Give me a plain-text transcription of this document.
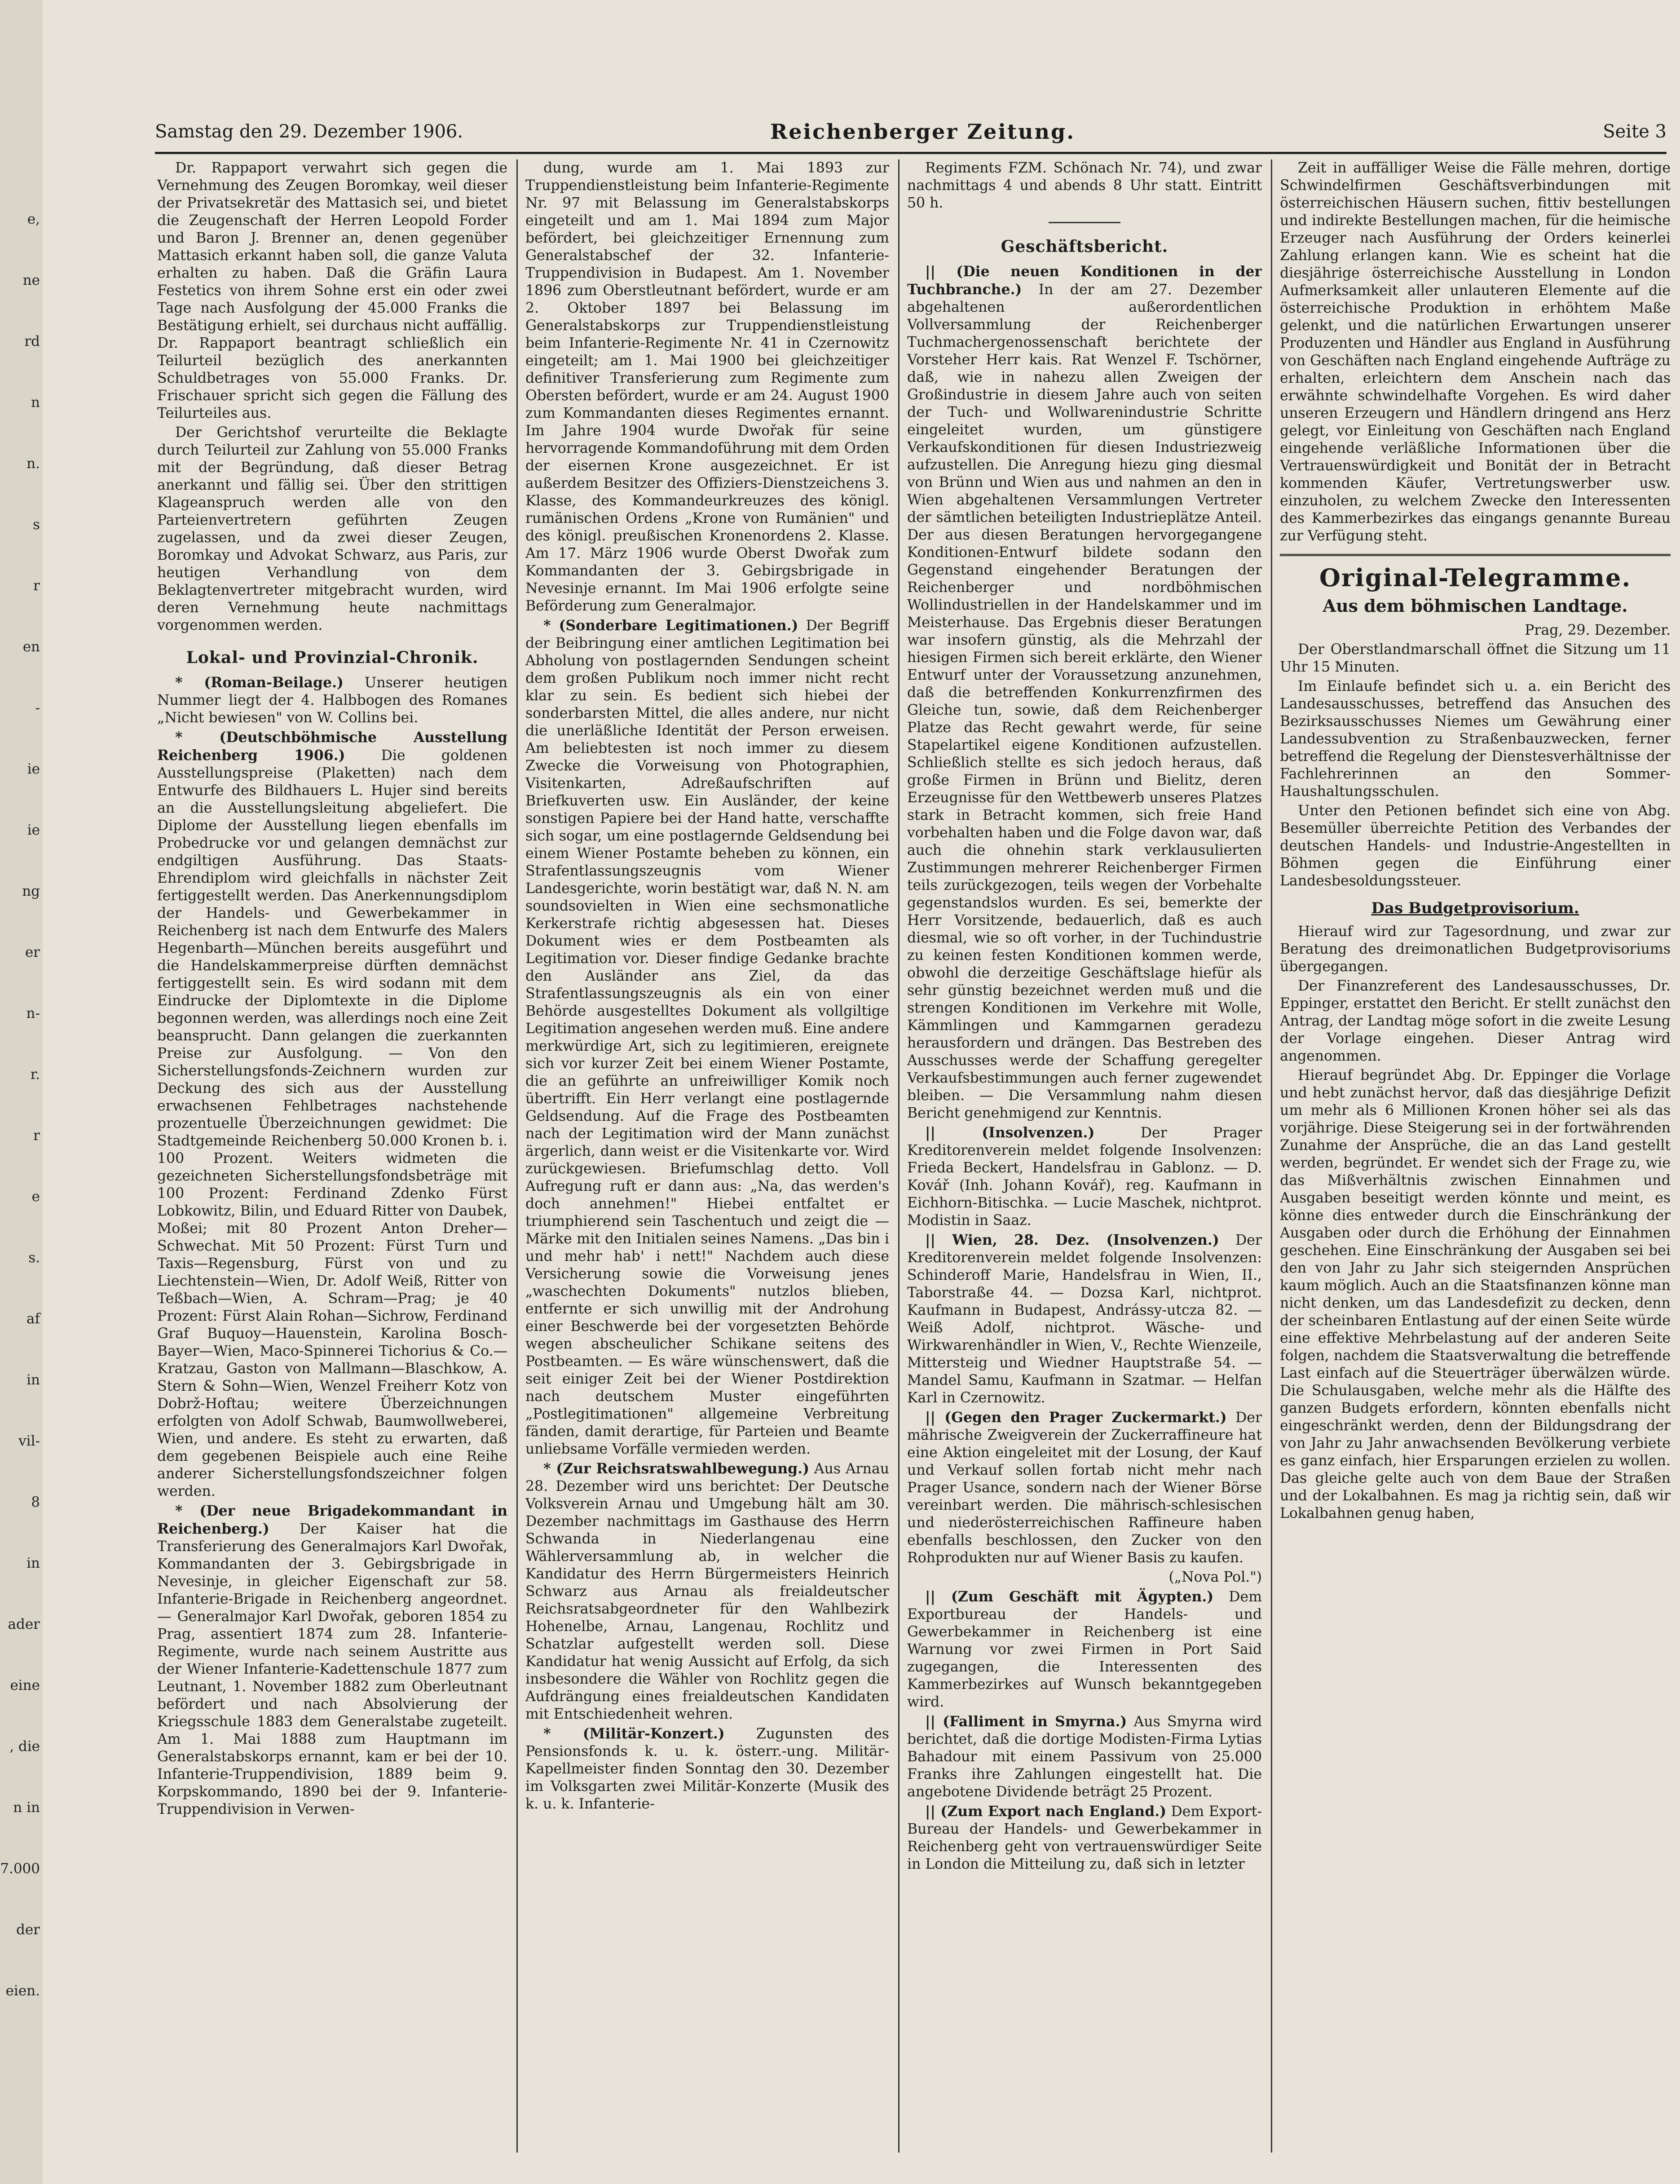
e,
ne
rd
n
n.
s
r
en
-
ie
ie
ng
er
n-
r.
r
e
s.
af
in
vil-
8
in
ader
eine
, die
n in
7.000
der
eien.
Samstag den 29. Dezember 1906.	Reichenberger Zeitung.	Seite 3

Dr. Rappaport verwahrt sich gegen die Vernehmung des Zeugen Boromkay, weil dieser der Privatsekretär des Mattasich sei, und bietet die Zeugenschaft der Herren Leopold Forder und Baron J. Brenner an, denen gegenüber Mattasich erkannt haben soll, die ganze Valuta erhalten zu haben. Daß die Gräfin Laura Festetics von ihrem Sohne erst ein oder zwei Tage nach Ausfolgung der 45.000 Franks die Bestätigung erhielt, sei durchaus nicht auffällig. Dr. Rappaport beantragt schließlich ein Teilurteil bezüglich des anerkannten Schuldbetrages von 55.000 Franks. Dr. Frischauer spricht sich gegen die Fällung des Teilurteiles aus.

Der Gerichtshof verurteilte die Beklagte durch Teilurteil zur Zahlung von 55.000 Franks mit der Begründung, daß dieser Betrag anerkannt und fällig sei. Über den strittigen Klageanspruch werden alle von den Parteienvertretern geführten Zeugen zugelassen, und da zwei dieser Zeugen, Boromkay und Advokat Schwarz, aus Paris, zur heutigen Verhandlung von dem Beklagtenvertreter mitgebracht wurden, wird deren Vernehmung heute nachmittags vorgenommen werden.

Lokal- und Provinzial-Chronik.

* (Roman-Beilage.) Unserer heutigen Nummer liegt der 4. Halbbogen des Romanes „Nicht bewiesen" von W. Collins bei.

* (Deutschböhmische Ausstellung Reichenberg 1906.)	Die goldenen Ausstellungspreise (Plaketten) nach dem Entwurfe des Bildhauers L. Hujer sind bereits an die Ausstellungsleitung abgeliefert. Die Diplome der Ausstellung liegen ebenfalls im Probedrucke vor und gelangen demnächst zur endgiltigen Ausführung. Das Staats-Ehrendiplom wird gleichfalls in nächster Zeit fertiggestellt werden. Das Anerkennungsdiplom der Handels- und Gewerbekammer in Reichenberg ist nach dem Entwurfe des Malers Hegenbarth—München bereits ausgeführt und die Handelskammerpreise dürften demnächst fertiggestellt sein. Es wird sodann mit dem Eindrucke der Diplomtexte in die Diplome begonnen werden, was allerdings noch eine Zeit beansprucht. Dann gelangen die zuerkannten Preise zur Ausfolgung. — Von den Sicherstellungsfonds-Zeichnern wurden zur Deckung des sich aus der Ausstellung erwachsenen Fehlbetrages nachstehende prozentuelle Überzeichnungen gewidmet: Die Stadtgemeinde Reichenberg 50.000 Kronen b. i. 100 Prozent. Weiters widmeten die gezeichneten Sicherstellungsfondsbeträge mit 100 Prozent: Ferdinand Zdenko Fürst Lobkowitz, Bilin, und Eduard Ritter von Daubek, Moßei; mit 80 Prozent Anton Dreher—Schwechat. Mit 50 Prozent: Fürst Turn und Taxis—Regensburg, Fürst von und zu Liechtenstein—Wien, Dr. Adolf Weiß, Ritter von Teßbach—Wien, A. Schram—Prag; je 40 Prozent: Fürst Alain Rohan—Sichrow, Ferdinand Graf Buquoy—Hauenstein, Karolina Bosch-Bayer—Wien, Maco-Spinnerei Tichorius & Co.—Kratzau, Gaston von Mallmann—Blaschkow, A. Stern & Sohn—Wien, Wenzel Freiherr Kotz von Dobrž-Hoftau; weitere Überzeichnungen erfolgten von Adolf Schwab, Baumwollweberei, Wien, und andere. Es steht zu erwarten, daß dem gegebenen Beispiele auch eine Reihe anderer Sicherstellungsfondszeichner folgen werden.

* (Der neue Brigadekommandant in Reichenberg.) Der Kaiser hat die Transferierung des Generalmajors Karl Dwořak, Kommandanten der 3. Gebirgsbrigade in Nevesinje, in gleicher Eigenschaft zur 58. Infanterie-Brigade in Reichenberg angeordnet. — Generalmajor Karl Dwořak, geboren 1854 zu Prag, assentiert 1874 zum 28. Infanterie-Regimente, wurde nach seinem Austritte aus der Wiener Infanterie-Kadettenschule 1877 zum Leutnant, 1. November 1882 zum Oberleutnant befördert und nach Absolvierung der Kriegsschule 1883 dem Generalstabe zugeteilt. Am 1. Mai 1888 zum Hauptmann im Generalstabskorps ernannt, kam er bei der 10. Infanterie-Truppendivision, 1889 beim 9. Korpskommando, 1890 bei der 9. Infanterie-Truppendivision in Verwen-

dung, wurde am 1. Mai 1893 zur Truppendienstleistung beim Infanterie-Regimente Nr. 97 mit Belassung im Generalstabskorps eingeteilt und am 1. Mai 1894 zum Major befördert, bei gleichzeitiger Ernennung zum Generalstabschef der 32. Infanterie-Truppendivision in Budapest. Am 1. November 1896 zum Oberstleutnant befördert, wurde er am 2. Oktober 1897 bei Belassung im Generalstabskorps zur Truppendienstleistung beim Infanterie-Regimente Nr. 41 in Czernowitz eingeteilt; am 1. Mai 1900 bei gleichzeitiger definitiver Transferierung zum Regimente zum Obersten befördert, wurde er am 24. August 1900 zum Kommandanten dieses Regimentes ernannt. Im Jahre 1904 wurde Dwořak für seine hervorragende Kommandoführung mit dem Orden der eisernen Krone ausgezeichnet. Er ist außerdem Besitzer des Offiziers-Dienstzeichens 3. Klasse, des Kommandeurkreuzes des königl. rumänischen Ordens „Krone von Rumänien" und des königl. preußischen Kronenordens 2. Klasse. Am 17. März 1906 wurde Oberst Dwořak zum Kommandanten der 3. Gebirgsbrigade in Nevesinje ernannt. Im Mai 1906 erfolgte seine Beförderung zum Generalmajor.

* (Sonderbare Legitimationen.) Der Begriff der Beibringung einer amtlichen Legitimation bei Abholung von postlagernden Sendungen scheint dem großen Publikum noch immer nicht recht klar zu sein. Es bedient sich hiebei der sonderbarsten Mittel, die alles andere, nur nicht die unerläßliche Identität der Person erweisen. Am beliebtesten ist noch immer zu diesem Zwecke die Vorweisung von Photographien, Visitenkarten, Adreßaufschriften auf Briefkuverten usw. Ein Ausländer, der keine sonstigen Papiere bei der Hand hatte, verschaffte sich sogar, um eine postlagernde Geldsendung bei einem Wiener Postamte beheben zu können, ein Strafentlassungszeugnis vom Wiener Landesgerichte, worin bestätigt war, daß N. N. am soundsovielten in Wien eine sechsmonatliche Kerkerstrafe richtig abgesessen hat. Dieses Dokument wies er dem Postbeamten als Legitimation vor. Dieser findige Gedanke brachte den Ausländer ans Ziel, da das Strafentlassungszeugnis als ein von einer Behörde ausgestelltes Dokument als vollgiltige Legitimation angesehen werden muß. Eine andere merkwürdige Art, sich zu legitimieren, ereignete sich vor kurzer Zeit bei einem Wiener Postamte, die an geführte an unfreiwilliger Komik noch übertrifft. Ein Herr verlangt eine postlagernde Geldsendung. Auf die Frage des Postbeamten nach der Legitimation wird der Mann zunächst ärgerlich, dann weist er die Visitenkarte vor. Wird zurückgewiesen. Briefumschlag detto. Voll Aufregung ruft er dann aus: „Na, das werden's doch annehmen!" Hiebei entfaltet er triumphierend sein Taschentuch und zeigt die — Märke mit den Initialen seines Namens. „Das bin i und mehr hab' i nett!" Nachdem auch diese Versicherung sowie die Vorweisung jenes „waschechten Dokuments" nutzlos blieben, entfernte er sich unwillig mit der Androhung einer Beschwerde bei der vorgesetzten Behörde wegen abscheulicher Schikane seitens des Postbeamten. — Es wäre wünschenswert, daß die seit einiger Zeit bei der Wiener Postdirektion nach deutschem Muster eingeführten „Postlegitimationen" allgemeine Verbreitung fänden, damit derartige, für Parteien und Beamte unliebsame Vorfälle vermieden werden.

* (Zur Reichsratswahlbewegung.) Aus Arnau 28. Dezember wird uns berichtet: Der Deutsche Volksverein Arnau und Umgebung hält am 30. Dezember nachmittags im Gasthause des Herrn Schwanda in Niederlangenau eine Wählerversammlung ab, in welcher die Kandidatur des Herrn Bürgermeisters Heinrich Schwarz aus Arnau als freialdeutscher Reichsratsabgeordneter für den Wahlbezirk Hohenelbe, Arnau, Langenau, Rochlitz und Schatzlar aufgestellt werden soll. Diese Kandidatur hat wenig Aussicht auf Erfolg, da sich insbesondere die Wähler von Rochlitz gegen die Aufdrängung eines freialdeutschen Kandidaten mit Entschiedenheit wehren.

* (Militär-Konzert.) Zugunsten des Pensionsfonds k. u. k. österr.-ung. Militär-Kapellmeister finden Sonntag den 30. Dezember im Volksgarten zwei Militär-Konzerte (Musik des k. u. k. Infanterie-

Regiments FZM. Schönach Nr. 74), und zwar nachmittags 4 und abends 8 Uhr statt. Eintritt 50 h.

Geschäftsbericht.

|| (Die neuen Konditionen in der Tuchbranche.) In der am 27. Dezember abgehaltenen außerordentlichen Vollversammlung der Reichenberger Tuchmachergenossenschaft berichtete der Vorsteher Herr kais. Rat Wenzel F. Tschörner, daß, wie in nahezu allen Zweigen der Großindustrie in diesem Jahre auch von seiten der Tuch- und Wollwarenindustrie Schritte eingeleitet wurden, um günstigere Verkaufskonditionen für diesen Industriezweig aufzustellen. Die Anregung hiezu ging diesmal von Brünn und Wien aus und nahmen an den in Wien abgehaltenen Versammlungen Vertreter der sämtlichen beteiligten Industrieplätze Anteil. Der aus diesen Beratungen hervorgegangene Konditionen-Entwurf bildete sodann den Gegenstand eingehender Beratungen der Reichenberger und nordböhmischen Wollindustriellen in der Handelskammer und im Meisterhause. Das Ergebnis dieser Beratungen war insofern günstig, als die Mehrzahl der hiesigen Firmen sich bereit erklärte, den Wiener Entwurf unter der Voraussetzung anzunehmen, daß die betreffenden Konkurrenzfirmen des Gleiche tun, sowie, daß dem Reichenberger Platze das Recht gewahrt werde, für seine Stapelartikel eigene Konditionen aufzustellen. Schließlich stellte es sich jedoch heraus, daß große Firmen in Brünn und Bielitz, deren Erzeugnisse für den Wettbewerb unseres Platzes stark in Betracht kommen, sich freie Hand vorbehalten haben und die Folge davon war, daß auch die ohnehin stark verklausulierten Zustimmungen mehrerer Reichenberger Firmen teils zurückgezogen, teils wegen der Vorbehalte gegenstandslos wurden. Es sei, bemerkte der Herr Vorsitzende, bedauerlich, daß es auch diesmal, wie so oft vorher, in der Tuchindustrie zu keinen festen Konditionen kommen werde, obwohl die derzeitige Geschäftslage hiefür als sehr günstig bezeichnet werden muß und die strengen Konditionen im Verkehre mit Wolle, Kämmlingen und Kammgarnen geradezu herausfordern und drängen. Das Bestreben des Ausschusses werde der Schaffung geregelter Verkaufsbestimmungen auch ferner zugewendet bleiben. — Die Versammlung nahm diesen Bericht genehmigend zur Kenntnis.

|| (Insolvenzen.)	Der Prager Kreditorenverein meldet folgende Insolvenzen: Frieda Beckert, Handelsfrau in Gablonz. — D. Kovář (Inh. Johann Kovář), reg. Kaufmann in Eichhorn-Bitischka. — Lucie Maschek, nichtprot. Modistin in Saaz.

|| Wien, 28. Dez. (Insolvenzen.) Der Kreditorenverein meldet folgende Insolvenzen: Schinderoff Marie, Handelsfrau in Wien, II., Taborstraße 44. — Dozsa Karl, nichtprot. Kaufmann in Budapest, Andrássy-utcza 82. — Weiß Adolf, nichtprot. Wäsche- und Wirkwarenhändler in Wien, V., Rechte Wienzeile, Mittersteig und Wiedner Hauptstraße 54. — Mandel Samu, Kaufmann in Szatmar. — Helfan Karl in Czernowitz.

|| (Gegen den Prager Zuckermarkt.) Der mährische Zweigverein der Zuckerraffineure hat eine Aktion eingeleitet mit der Losung, der Kauf und Verkauf sollen fortab nicht mehr nach Prager Usance, sondern nach der Wiener Börse vereinbart werden. Die mährisch-schlesischen und niederösterreichischen Raffineure haben ebenfalls beschlossen, den Zucker von den Rohprodukten nur auf Wiener Basis zu kaufen.

(„Nova Pol.")

|| (Zum Geschäft mit Ägypten.) Dem Exportbureau der Handels- und Gewerbekammer in Reichenberg ist eine Warnung vor zwei Firmen in Port Said zugegangen, die Interessenten des Kammerbezirkes auf Wunsch bekanntgegeben wird.

|| (Falliment in Smyrna.) Aus Smyrna wird berichtet, daß die dortige Modisten-Firma Lytias Bahadour mit einem Passivum von 25.000 Franks ihre Zahlungen eingestellt hat. Die angebotene Dividende beträgt 25 Prozent.

|| (Zum Export nach England.) Dem Export-Bureau der Handels- und Gewerbekammer in Reichenberg geht von vertrauenswürdiger Seite in London die Mitteilung zu, daß sich in letzter

Zeit in auffälliger Weise die Fälle mehren, dortige Schwindelfirmen Geschäftsverbindungen mit österreichischen Häusern suchen, fittiv bestellungen und indirekte Bestellungen machen, für die heimische Erzeuger nach Ausführung der Orders keinerlei Zahlung erlangen kann. Wie es scheint hat die diesjährige österreichische Ausstellung in London Aufmerksamkeit aller unlauteren Elemente auf die österreichische Produktion in erhöhtem Maße gelenkt, und die natürlichen Erwartungen unserer Produzenten und Händler aus England in Ausführung von Geschäften nach England eingehende Aufträge zu erhalten, erleichtern dem Anschein nach das erwähnte schwindelhafte Vorgehen. Es wird daher unseren Erzeugern und Händlern dringend ans Herz gelegt, vor Einleitung von Geschäften nach England eingehende verläßliche Informationen über die Vertrauenswürdigkeit und Bonität der in Betracht kommenden Käufer, Vertretungswerber usw. einzuholen, zu welchem Zwecke den Interessenten des Kammerbezirkes das eingangs genannte Bureau zur Verfügung steht.

Original-Telegramme.
Aus dem böhmischen Landtage.

Prag, 29. Dezember.

Der Oberstlandmarschall öffnet die Sitzung um 11 Uhr 15 Minuten.

Im Einlaufe befindet sich u. a. ein Bericht des Landesausschusses, betreffend das Ansuchen des Bezirksausschusses Niemes um Gewährung einer Landessubvention zu Straßenbauzwecken, ferner betreffend die Regelung der Dienstesverhältnisse der Fachlehrerinnen an den Sommer-Haushaltungsschulen.

Unter den Petionen befindet sich eine von Abg. Besemüller überreichte Petition des Verbandes der deutschen Handels- und Industrie-Angestellten in Böhmen gegen die Einführung einer Landesbesoldungssteuer.

Das Budgetprovisorium.

Hierauf wird zur Tagesordnung, und zwar zur Beratung des dreimonatlichen Budgetprovisoriums übergegangen.

Der Finanzreferent des Landesausschusses, Dr. Eppinger, erstattet den Bericht. Er stellt zunächst den Antrag, der Landtag möge sofort in die zweite Lesung der Vorlage eingehen. Dieser Antrag wird angenommen.

Hierauf begründet Abg. Dr. Eppinger die Vorlage und hebt zunächst hervor, daß das diesjährige Defizit um mehr als 6 Millionen Kronen höher sei als das vorjährige. Diese Steigerung sei in der fortwährenden Zunahme der Ansprüche, die an das Land gestellt werden, begründet. Er wendet sich der Frage zu, wie das Mißverhältnis zwischen Einnahmen und Ausgaben beseitigt werden könnte und meint, es könne dies entweder durch die Einschränkung der Ausgaben oder durch die Erhöhung der Einnahmen geschehen. Eine Einschränkung der Ausgaben sei bei den von Jahr zu Jahr sich steigernden Ansprüchen kaum möglich. Auch an die Staatsfinanzen könne man nicht denken, um das Landesdefizit zu decken, denn der scheinbaren Entlastung auf der einen Seite würde eine effektive Mehrbelastung auf der anderen Seite folgen, nachdem die Staatsverwaltung die betreffende Last einfach auf die Steuerträger überwälzen würde. Die Schulausgaben, welche mehr als die Hälfte des ganzen Budgets erfordern, könnten ebenfalls nicht eingeschränkt werden, denn der Bildungsdrang der von Jahr zu Jahr anwachsenden Bevölkerung verbiete es ganz einfach, hier Ersparungen erzielen zu wollen. Das gleiche gelte auch von dem Baue der Straßen und der Lokalbahnen. Es mag ja richtig sein, daß wir Lokalbahnen genug haben,
